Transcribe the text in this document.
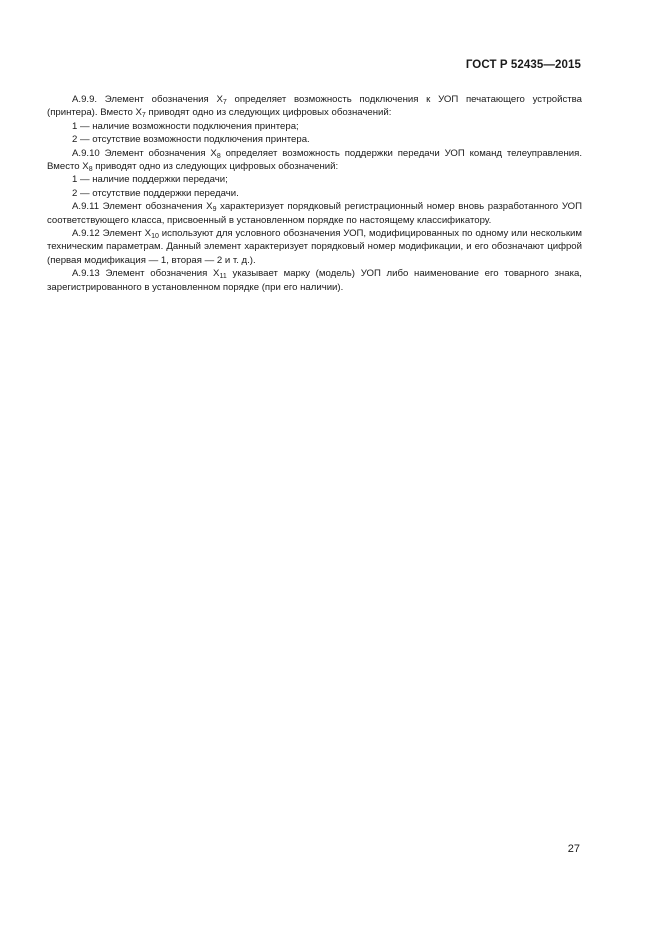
ГОСТ Р 52435—2015

А.9.9. Элемент обозначения $Х_7$ определяет возможность подключения к УОП печатающего устройства (принтера). Вместо $Х_7$ приводят одно из следующих цифровых обозначений:

1 — наличие возможности подключения принтера;

2 — отсутствие возможности подключения принтера.

А.9.10 Элемент обозначения $Х_8$ определяет возможность поддержки передачи УОП команд телеуправления. Вместо $Х_8$ приводят одно из следующих цифровых обозначений:

1 — наличие поддержки передачи;

2 — отсутствие поддержки передачи.

А.9.11 Элемент обозначения $Х_9$ характеризует порядковый регистрационный номер вновь разработанного УОП соответствующего класса, присвоенный в установленном порядке по настоящему классификатору.

А.9.12 Элемент $Х_{10}$ используют для условного обозначения УОП, модифицированных по одному или нескольким техническим параметрам. Данный элемент характеризует порядковый номер модификации, и его обозначают цифрой (первая модификация — 1, вторая — 2 и т. д.).

А.9.13 Элемент обозначения $Х_{11}$ указывает марку (модель) УОП либо наименование его товарного знака, зарегистрированного в установленном порядке (при его наличии).

27
